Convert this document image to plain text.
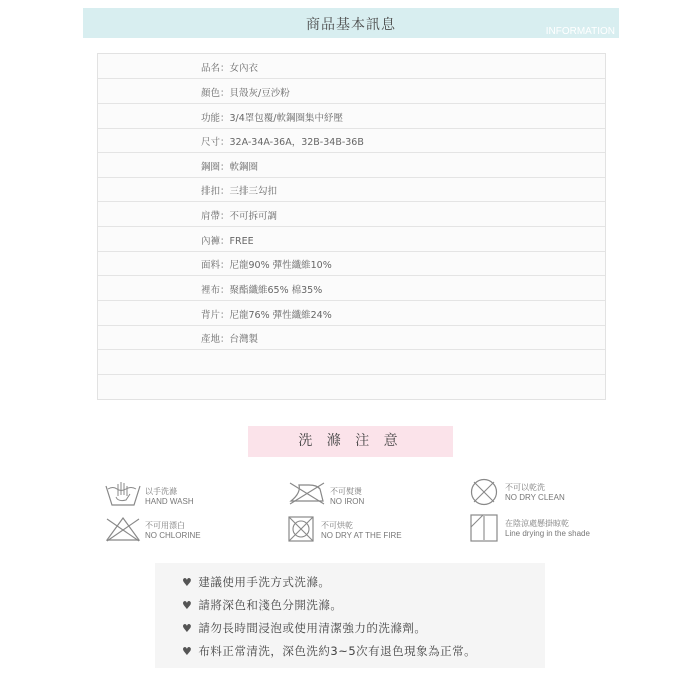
商品基本訊息	INFORMATION
品名：女內衣
顏色：貝殼灰/豆沙粉
功能：3/4罩包覆/軟鋼圈集中紓壓
尺寸：32A-34A-36A，32B-34B-36B
鋼圈：軟鋼圈
排扣：三排三勾扣
肩帶：不可拆可調
內褲：FREE
面料：尼龍90% 彈性纖維10%
裡布：聚酯纖維65% 棉35%
背片：尼龍76% 彈性纖維24%
產地：台灣製
洗 滌 注 意
以手洗滌
HAND WASH
不可熨燙
NO IRON
不可以乾洗
NO DRY CLEAN
不可用漂白
NO CHLORINE
不可烘乾
NO DRY AT THE FIRE
在陰涼處懸掛晾乾
Line drying in the shade
♥ 建議使用手洗方式洗滌。
♥ 請將深色和淺色分開洗滌。
♥ 請勿長時間浸泡或使用清潔強力的洗滌劑。
♥ 布料正常清洗，深色洗約3~5次有退色現象為正常。
